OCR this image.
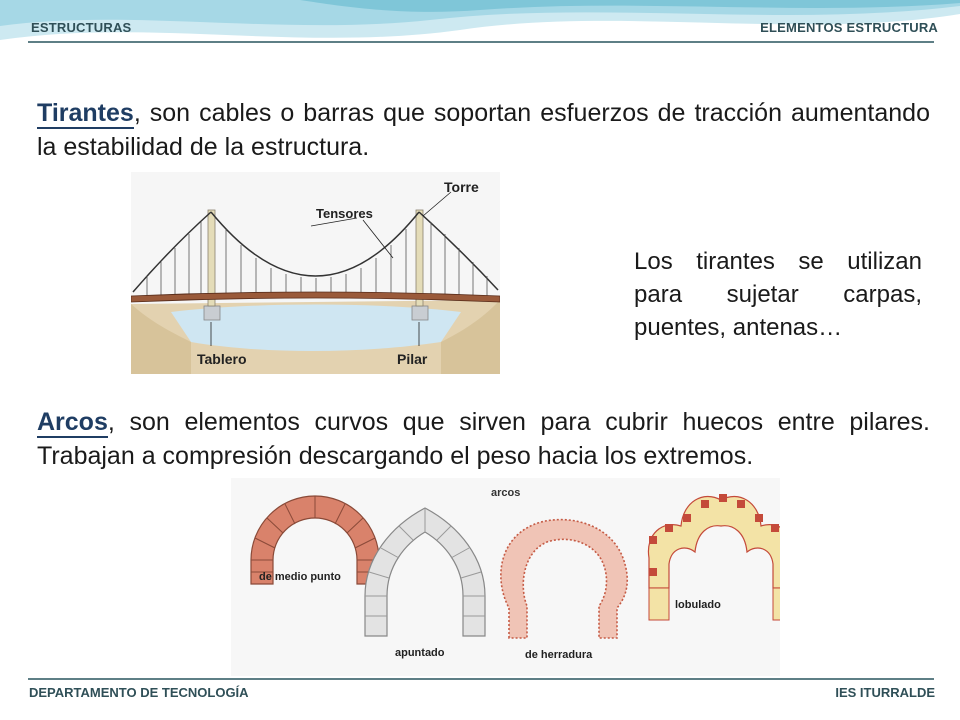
ESTRUCTURAS	ELEMENTOS ESTRUCTURA

Tirantes, son cables o barras que soportan esfuerzos de tracción aumentando la estabilidad de la estructura.

Torre
Tensores
Tablero	Pilar

Los tirantes se utilizan para sujetar carpas, puentes, antenas…

Arcos, son elementos curvos que sirven para cubrir huecos entre pilares. Trabajan a compresión descargando el peso hacia los extremos.

arcos
de medio punto
apuntado	de herradura
lobulado
DEPARTAMENTO DE TECNOLOGÍA	IES ITURRALDE
